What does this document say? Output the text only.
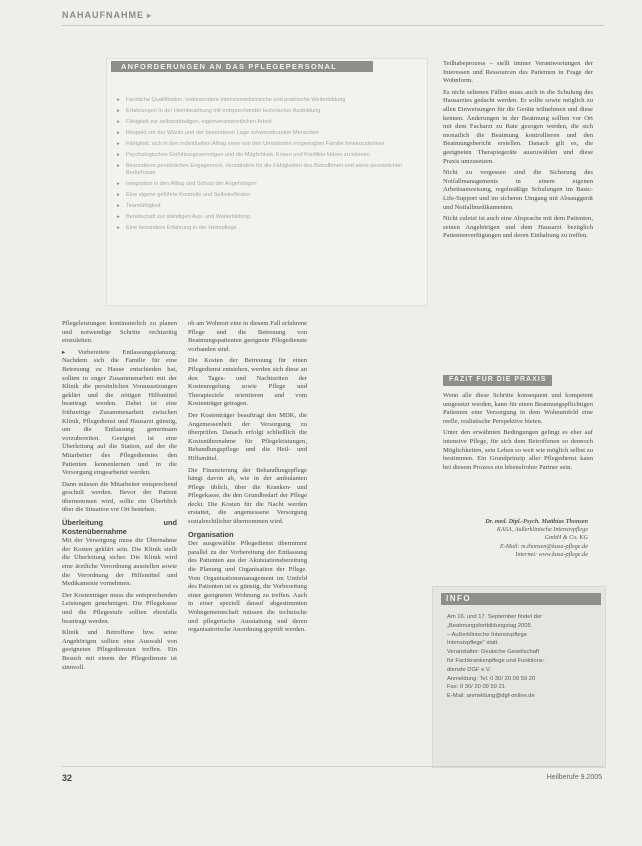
NAHAUFNAHME ▸
ANFORDERUNGEN AN DAS PFLEGEPERSONAL
▸ Fachliche Qualifikation, insbesondere intensivmedizinische und praktische Weiterbildung
▸ Erfahrungen in der Heimbeatmung mit entsprechender technischer Ausbildung
▸ Fähigkeit zur selbstständigen, eigenverantwortlichen Arbeit
▸ Respekt vor der Würde und der besonderen Lage schwerstkranker Menschen
▸ Fähigkeit, sich in den individuellen Alltag einer von den Umständen eingeengten Familie hineinzudenken
▸ Psychologisches Einfühlungsvermögen und die Möglichkeit, Krisen und Konflikte klären zu können
▸ Besonderes persönliches Engagement, Verständnis für die Fähigkeiten des Betroffenen und seine persönlichen Bedürfnisse
▸ Integration in den Alltag und Schutz der Angehörigen
▸ Eine eigene geführte Kontrolle und Selbstreflexion
▸ Teamfähigkeit
▸ Bereitschaft zur ständigen Aus- und Weiterbildung
▸ Eine besondere Erfahrung in der Heimpflege

Pflegeleistungen kontinuierlich zu planen und notwendige Schritte rechtzeitig einzuleiten.

▸ Vorbereitete Entlassungsplanung: Nachdem sich die Familie für eine Betreuung zu Hause entschieden hat, sollten in enger Zusammenarbeit mit der Klinik die persönlichen Voraussetzungen geklärt und die nötigen Hilfsmittel beantragt werden. Dabei ist eine frühzeitige Zusammenarbeit zwischen Klinik, Pflegedienst und Hausarzt günstig, um die Entlassung gemeinsam vorzubereiten. Geeignet ist eine Überleitung auf die Station, auf der die Mitarbeiter des Pflegedienstes den Patienten kennenlernen und in die Versorgung eingearbeitet werden.

Dann müssen die Mitarbeiter entsprechend geschult werden. Bevor der Patient übernommen wird, sollte ein Überblick über die Situation vor Ort bestehen.

Überleitung und Kostenübernahme

Mit der Versorgung muss die Übernahme der Kosten geklärt sein. Die Klinik stellt die Überleitung sicher. Die Klinik wird eine ärztliche Verordnung ausstellen sowie die Verordnung der Hilfsmittel und Medikamente vornehmen.

Der Kostenträger muss die entsprechenden Leistungen genehmigen. Die Pflegekasse und die Pflegestufe sollten ebenfalls beantragt werden.

Klinik und Betroffene bzw. seine Angehörigen sollten eine Auswahl von geeigneten Pflegediensten treffen. Ein Besuch mit einem der Pflegedienste ist sinnvoll.

ob am Wohnort eine in diesem Fall erfahrene Pflege und die Betreuung von Beatmungspatienten geeignete Pflegedienste vorhanden sind.

Die Kosten der Betreuung für einen Pflegedienst entstehen, werden sich diese an den Tages- und Nachtzeiten der Kostenregelung sowie Pflege und Therapieziele orientieren und vom Kostenträger getragen.

Der Kostenträger beauftragt den MDK, die Angemessenheit der Versorgung zu überprüfen. Danach erfolgt schließlich die Kostenübernahme für Pflegeleistungen, Behandlungspflege und die Heil- und Hilfsmittel.

Die Finanzierung der Behandlungspflege hängt davon ab, wie in der ambulanten Pflege üblich, über die Kranken- und Pflegekasse, die den Grundbedarf der Pflege deckt. Die Kosten für die Nacht werden erstattet, die angemessene Versorgung sozialrechtlicher übernommen wird.

Organisation

Der ausgewählte Pflegedienst übernimmt parallel zu der Vorbereitung der Entlassung des Patienten aus der Akutstationsbereitung die Planung und Organisation der Pflege. Vom Organisationsmanagement im Umfeld des Patienten ist es günstig, die Vorbereitung einer geeigneten Wohnung zu treffen. Auch in einer speziell darauf abgestimmten Wohngemeinschaft müssen die technische und pflegerische Ausstattung und deren organisatorische Anordnung geprüft werden.

Teilhabeprozess – stellt immer Verantwortungen der Interessen und Ressourcen des Patienten in Frage der Wohnform.

Es nicht seltenen Fällen muss auch in die Schulung des Hausarztes gedacht werden. Er sollte sowie möglich zu allen Einweisungen für die Geräte teilnehmen und diese kennen. Änderungen in der Beatmung sollten vor Ort mit dem Facharzt zu Rate gezogen werden, die sich monatlich die Beatmung kontrollieren und den Beatmungsbericht erstellen. Danach gilt es, die geeigneten Therapiegeräte auszuwählen und diese Praxis umzusetzen.

Nicht zu vergessen sind die Sicherung des Notfallmanagements in einem eigenen Arbeitsanweisung, regelmäßige Schulungen im Basic-Life-Support und im sicheren Umgang mit Absauggerät und Notfallmedikamenten.

Nicht zuletzt ist auch eine Absprache mit dem Patienten, seinen Angehörigen und dem Hausarzt bezüglich Patientenverfügungen und deren Einhaltung zu treffen.

FAZIT FÜR DIE PRAXIS

Wenn alle diese Schritte konsequent und kompetent umgesetzt werden, kann für einen Beatmungspflichtigen Patienten eine Versorgung in dem Wohnumfeld eine reelle, realistische Perspektive bieten.

Unter den erwähnten Bedingungen gelingt es eher auf intensive Pflege, für sich dem Betroffenen so dennoch Möglichkeiten, sein Leben so weit wie möglich selbst zu bestimmen. Ein Grundprinzip aller Pflegedienst kann bei diesem Prozess ein lebensfroher Partner sein.

Dr. med. Dipl.-Psych. Matthias Thonsen
KASA, Außerklinische Intensivpflege
GmbH & Co. KG
E-Mail: m.thonsen@kasa-pflege.de
Internet: www.kasa-pflege.de
INFO
Am 16. und 17. September findet der
„Beatmungsfortbildungstag 2005
– Außerklinische Intensivpflege
Intensivpflege“ statt.
Veranstalter: Deutsche Gesellschaft
für Fachkrankenpflege und Funktions-
dienste DGF e.V.
Anmeldung: Tel. 0 30/ 20 09 59 20
Fax: 0 30/ 20 09 59 21
E-Mail: anmeldung@dgf-online.de
32	Heilberufe 9.2005
